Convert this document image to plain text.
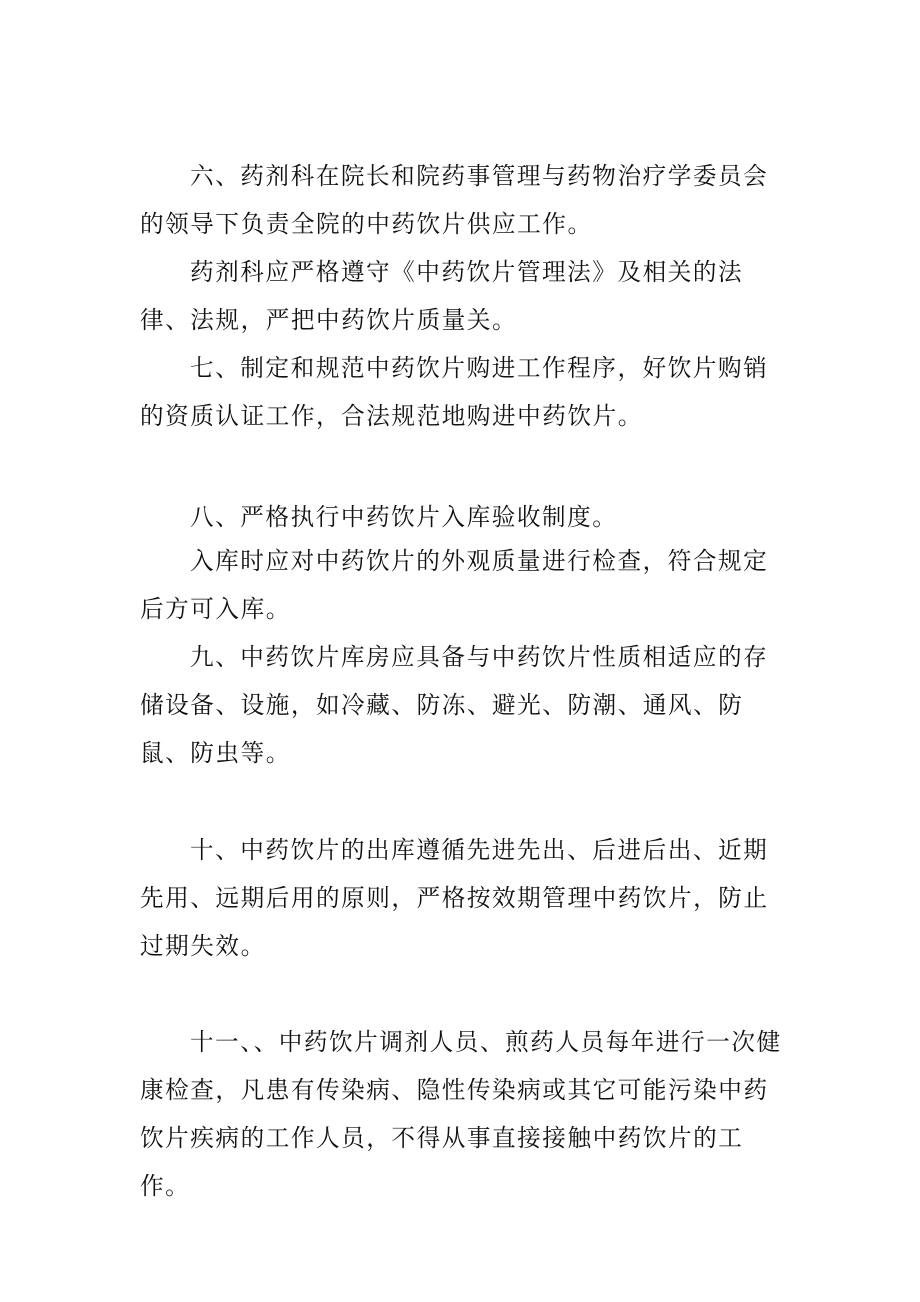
六、药剂科在院长和院药事管理与药物治疗学委员会的领导下负责全院的中药饮片供应工作。

药剂科应严格遵守《中药饮片管理法》及相关的法律、法规，严把中药饮片质量关。

七、制定和规范中药饮片购进工作程序，好饮片购销的资质认证工作，合法规范地购进中药饮片。

八、严格执行中药饮片入库验收制度。

入库时应对中药饮片的外观质量进行检查，符合规定后方可入库。

九、中药饮片库房应具备与中药饮片性质相适应的存储设备、设施，如冷藏、防冻、避光、防潮、通风、防鼠、防虫等。

十、中药饮片的出库遵循先进先出、后进后出、近期先用、远期后用的原则，严格按效期管理中药饮片，防止过期失效。

十一、、中药饮片调剂人员、煎药人员每年进行一次健康检查，凡患有传染病、隐性传染病或其它可能污染中药饮片疾病的工作人员，不得从事直接接触中药饮片的工作。
